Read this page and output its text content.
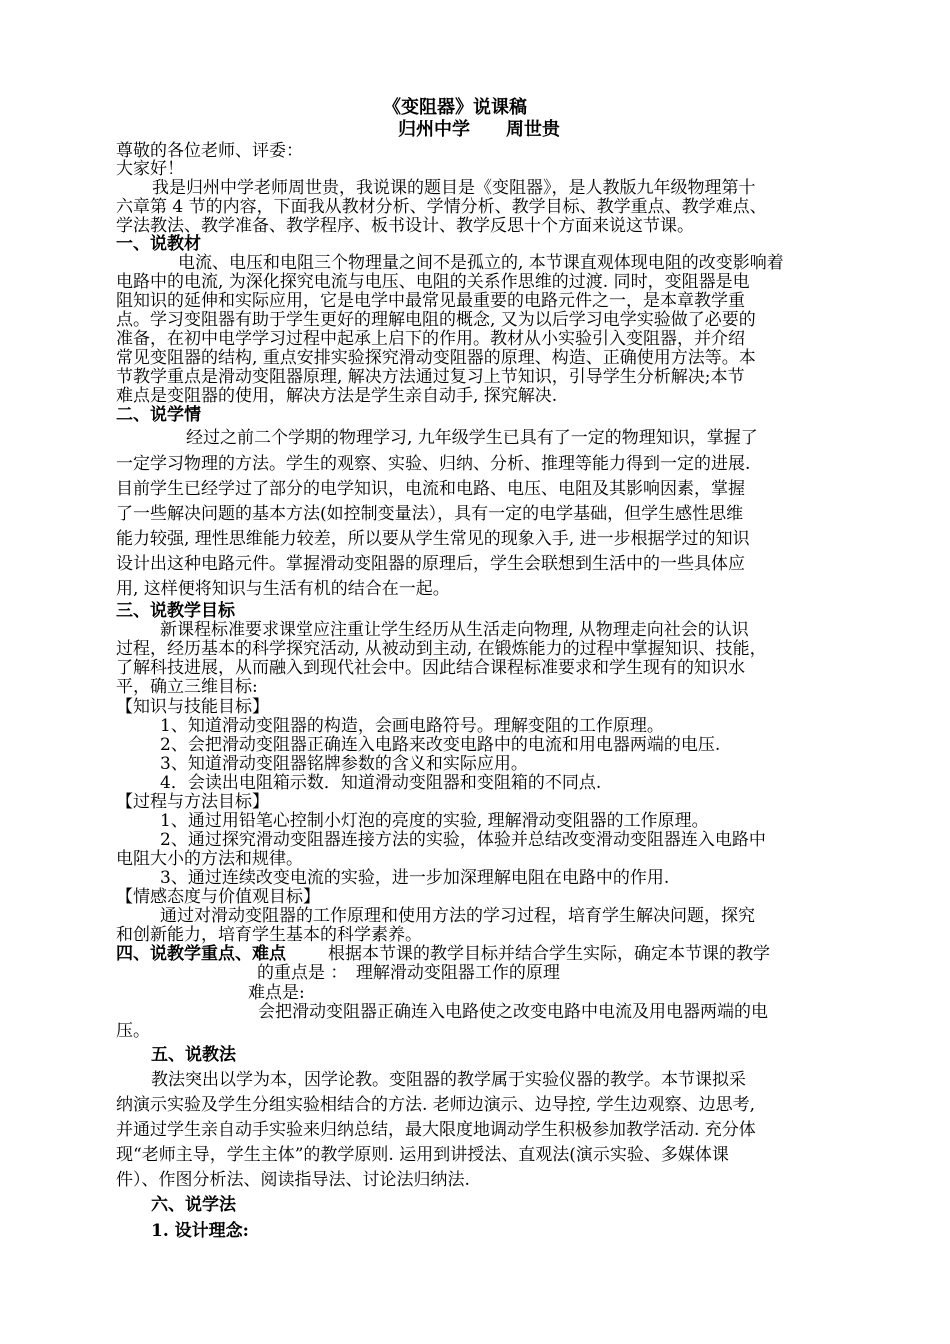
《变阻器》说课稿
归州中学　　周世贵
尊敬的各位老师、评委：
大家好！
我是归州中学老师周世贵，我说课的题目是《变阻器》，是人教版九年级物理第十
六章第 4 节的内容，下面我从教材分析、学情分析、教学目标、教学重点、教学难点、
学法教法、教学准备、教学程序、板书设计、教学反思十个方面来说这节课。
一、说教材
电流、电压和电阻三个物理量之间不是孤立的, 本节课直观体现电阻的改变影响着
电路中的电流, 为深化探究电流与电压、电阻的关系作思维的过渡. 同时，变阻器是电
阻知识的延伸和实际应用，它是电学中最常见最重要的电路元件之一，是本章教学重
点。学习变阻器有助于学生更好的理解电阻的概念, 又为以后学习电学实验做了必要的
准备，在初中电学学习过程中起承上启下的作用。教材从小实验引入变阻器，并介绍
常见变阻器的结构, 重点安排实验探究滑动变阻器的原理、构造、正确使用方法等。本
节教学重点是滑动变阻器原理, 解决方法通过复习上节知识，引导学生分析解决;本节
难点是变阻器的使用，解决方法是学生亲自动手, 探究解决.
二、说学情
经过之前二个学期的物理学习, 九年级学生已具有了一定的物理知识，掌握了
一定学习物理的方法。学生的观察、实验、归纳、分析、推理等能力得到一定的进展.
目前学生已经学过了部分的电学知识，电流和电路、电压、电阻及其影响因素，掌握
了一些解决问题的基本方法(如控制变量法），具有一定的电学基础，但学生感性思维
能力较强, 理性思维能力较差，所以要从学生常见的现象入手, 进一步根据学过的知识
设计出这种电路元件。掌握滑动变阻器的原理后，学生会联想到生活中的一些具体应
用, 这样便将知识与生活有机的结合在一起。
三、说教学目标
新课程标准要求课堂应注重让学生经历从生活走向物理, 从物理走向社会的认识
过程，经历基本的科学探究活动, 从被动到主动, 在锻炼能力的过程中掌握知识、技能，
了解科技进展，从而融入到现代社会中。因此结合课程标准要求和学生现有的知识水
平，确立三维目标:
【知识与技能目标】
1、知道滑动变阻器的构造，会画电路符号。理解变阻的工作原理。
2、会把滑动变阻器正确连入电路来改变电路中的电流和用电器两端的电压.
3、知道滑动变阻器铭牌参数的含义和实际应用。
4．会读出电阻箱示数．知道滑动变阻器和变阻箱的不同点.
【过程与方法目标】
1、通过用铅笔心控制小灯泡的亮度的实验, 理解滑动变阻器的工作原理。
2、通过探究滑动变阻器连接方法的实验，体验并总结改变滑动变阻器连入电路中
电阻大小的方法和规律。
3、通过连续改变电流的实验，进一步加深理解电阻在电路中的作用.
【情感态度与价值观目标】
通过对滑动变阻器的工作原理和使用方法的学习过程，培育学生解决问题，探究
和创新能力，培育学生基本的科学素养。
四、说教学重点、难点 根据本节课的教学目标并结合学生实际，确定本节课的教学
的重点是 ：　理解滑动变阻器工作的原理
难点是:
会把滑动变阻器正确连入电路使之改变电路中电流及用电器两端的电
压。
五、说教法
教法突出以学为本，因学论教。变阻器的教学属于实验仪器的教学。本节课拟采
纳演示实验及学生分组实验相结合的方法. 老师边演示、边导控, 学生边观察、边思考,
并通过学生亲自动手实验来归纳总结，最大限度地调动学生积极参加教学活动. 充分体
现“老师主导，学生主体”的教学原则. 运用到讲授法、直观法(演示实验、多媒体课
件）、作图分析法、阅读指导法、讨论法归纳法.
六、说学法
1. 设计理念:
